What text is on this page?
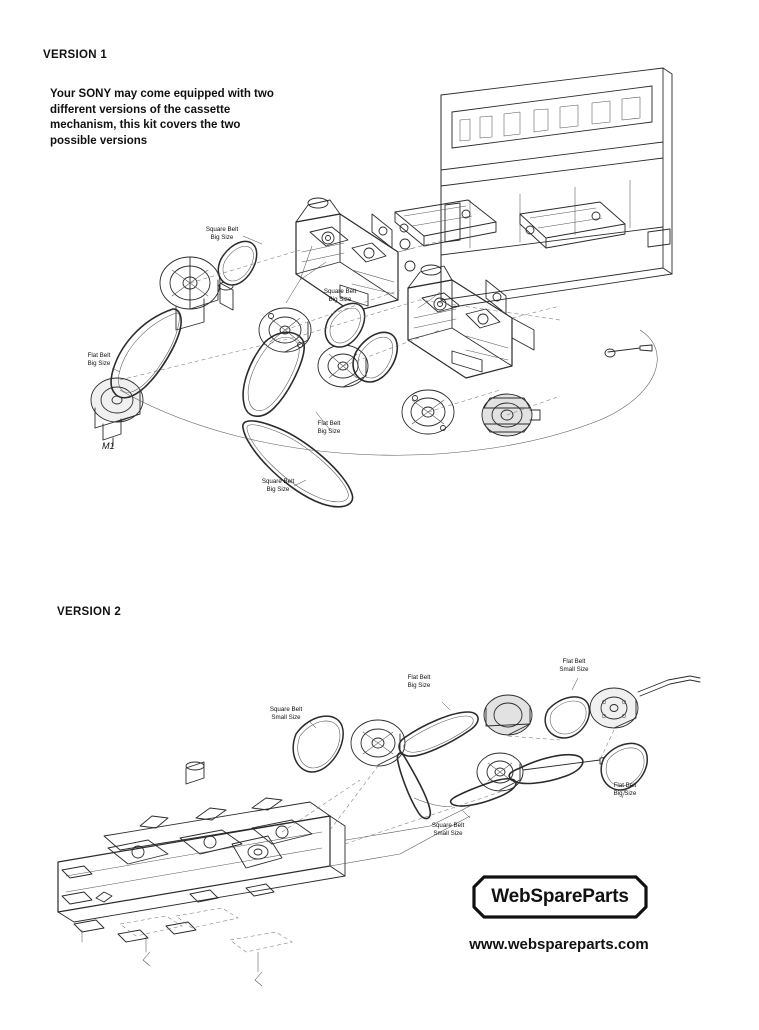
VERSION 1
Your SONY may come equipped with two different versions of the cassette mechanism, this kit covers the two possible versions
Square Belt
Big Size
Square Belt
Big Size
Flat Belt
Big Size
Flat Belt
Big Size
Square Belt
Big Size
M1
VERSION 2
Square Belt
Small Size
Flat Belt
Big Size
Flat Belt
Small Size
Flat Belt
Big Size
Square Belt
Small Size
WebSpareParts
www.webspareparts.com
